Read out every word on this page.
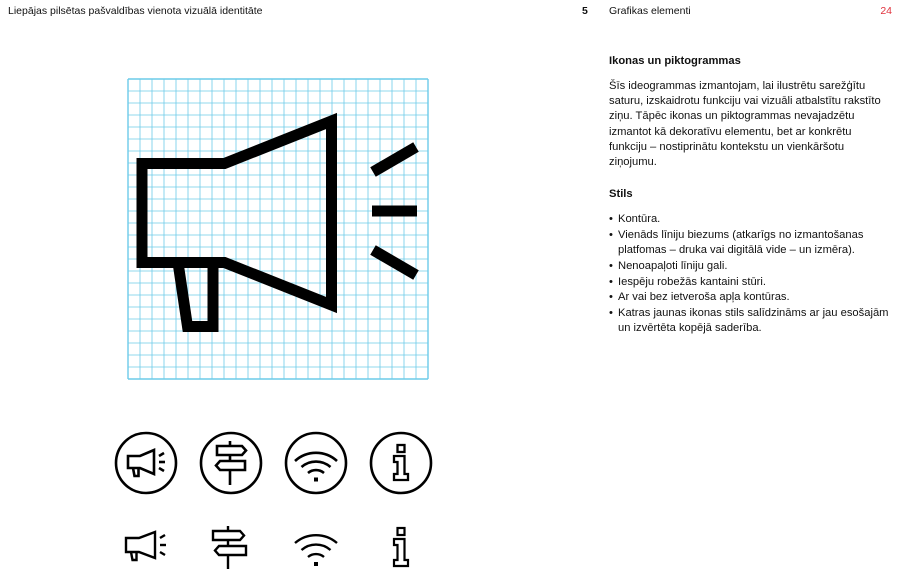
Liepājas pilsētas pašvaldības vienota vizuālā identitāte	5 Grafikas elementi	24
Ikonas un piktogrammas

Šīs ideogrammas izmantojam, lai ilustrētu sarežģītu saturu, izskaidrotu funkciju vai vizuāli atbalstītu rakstīto ziņu. Tāpēc ikonas un piktogrammas nevajadzētu izmantot kā dekoratīvu elementu, bet ar konkrētu funkciju – nostiprinātu kontekstu un vienkāršotu ziņojumu.

Stils
• Kontūra.
• Vienāds līniju biezums (atkarīgs no izmantošanas platfomas – druka vai digitālā vide – un izmēra).
• Nenoapaļoti līniju gali.
• Iespēju robežās kantaini stūri.
• Ar vai bez ietveroša apļa kontūras.
• Katras jaunas ikonas stils salīdzināms ar jau esošajām un izvērtēta kopējā saderība.
